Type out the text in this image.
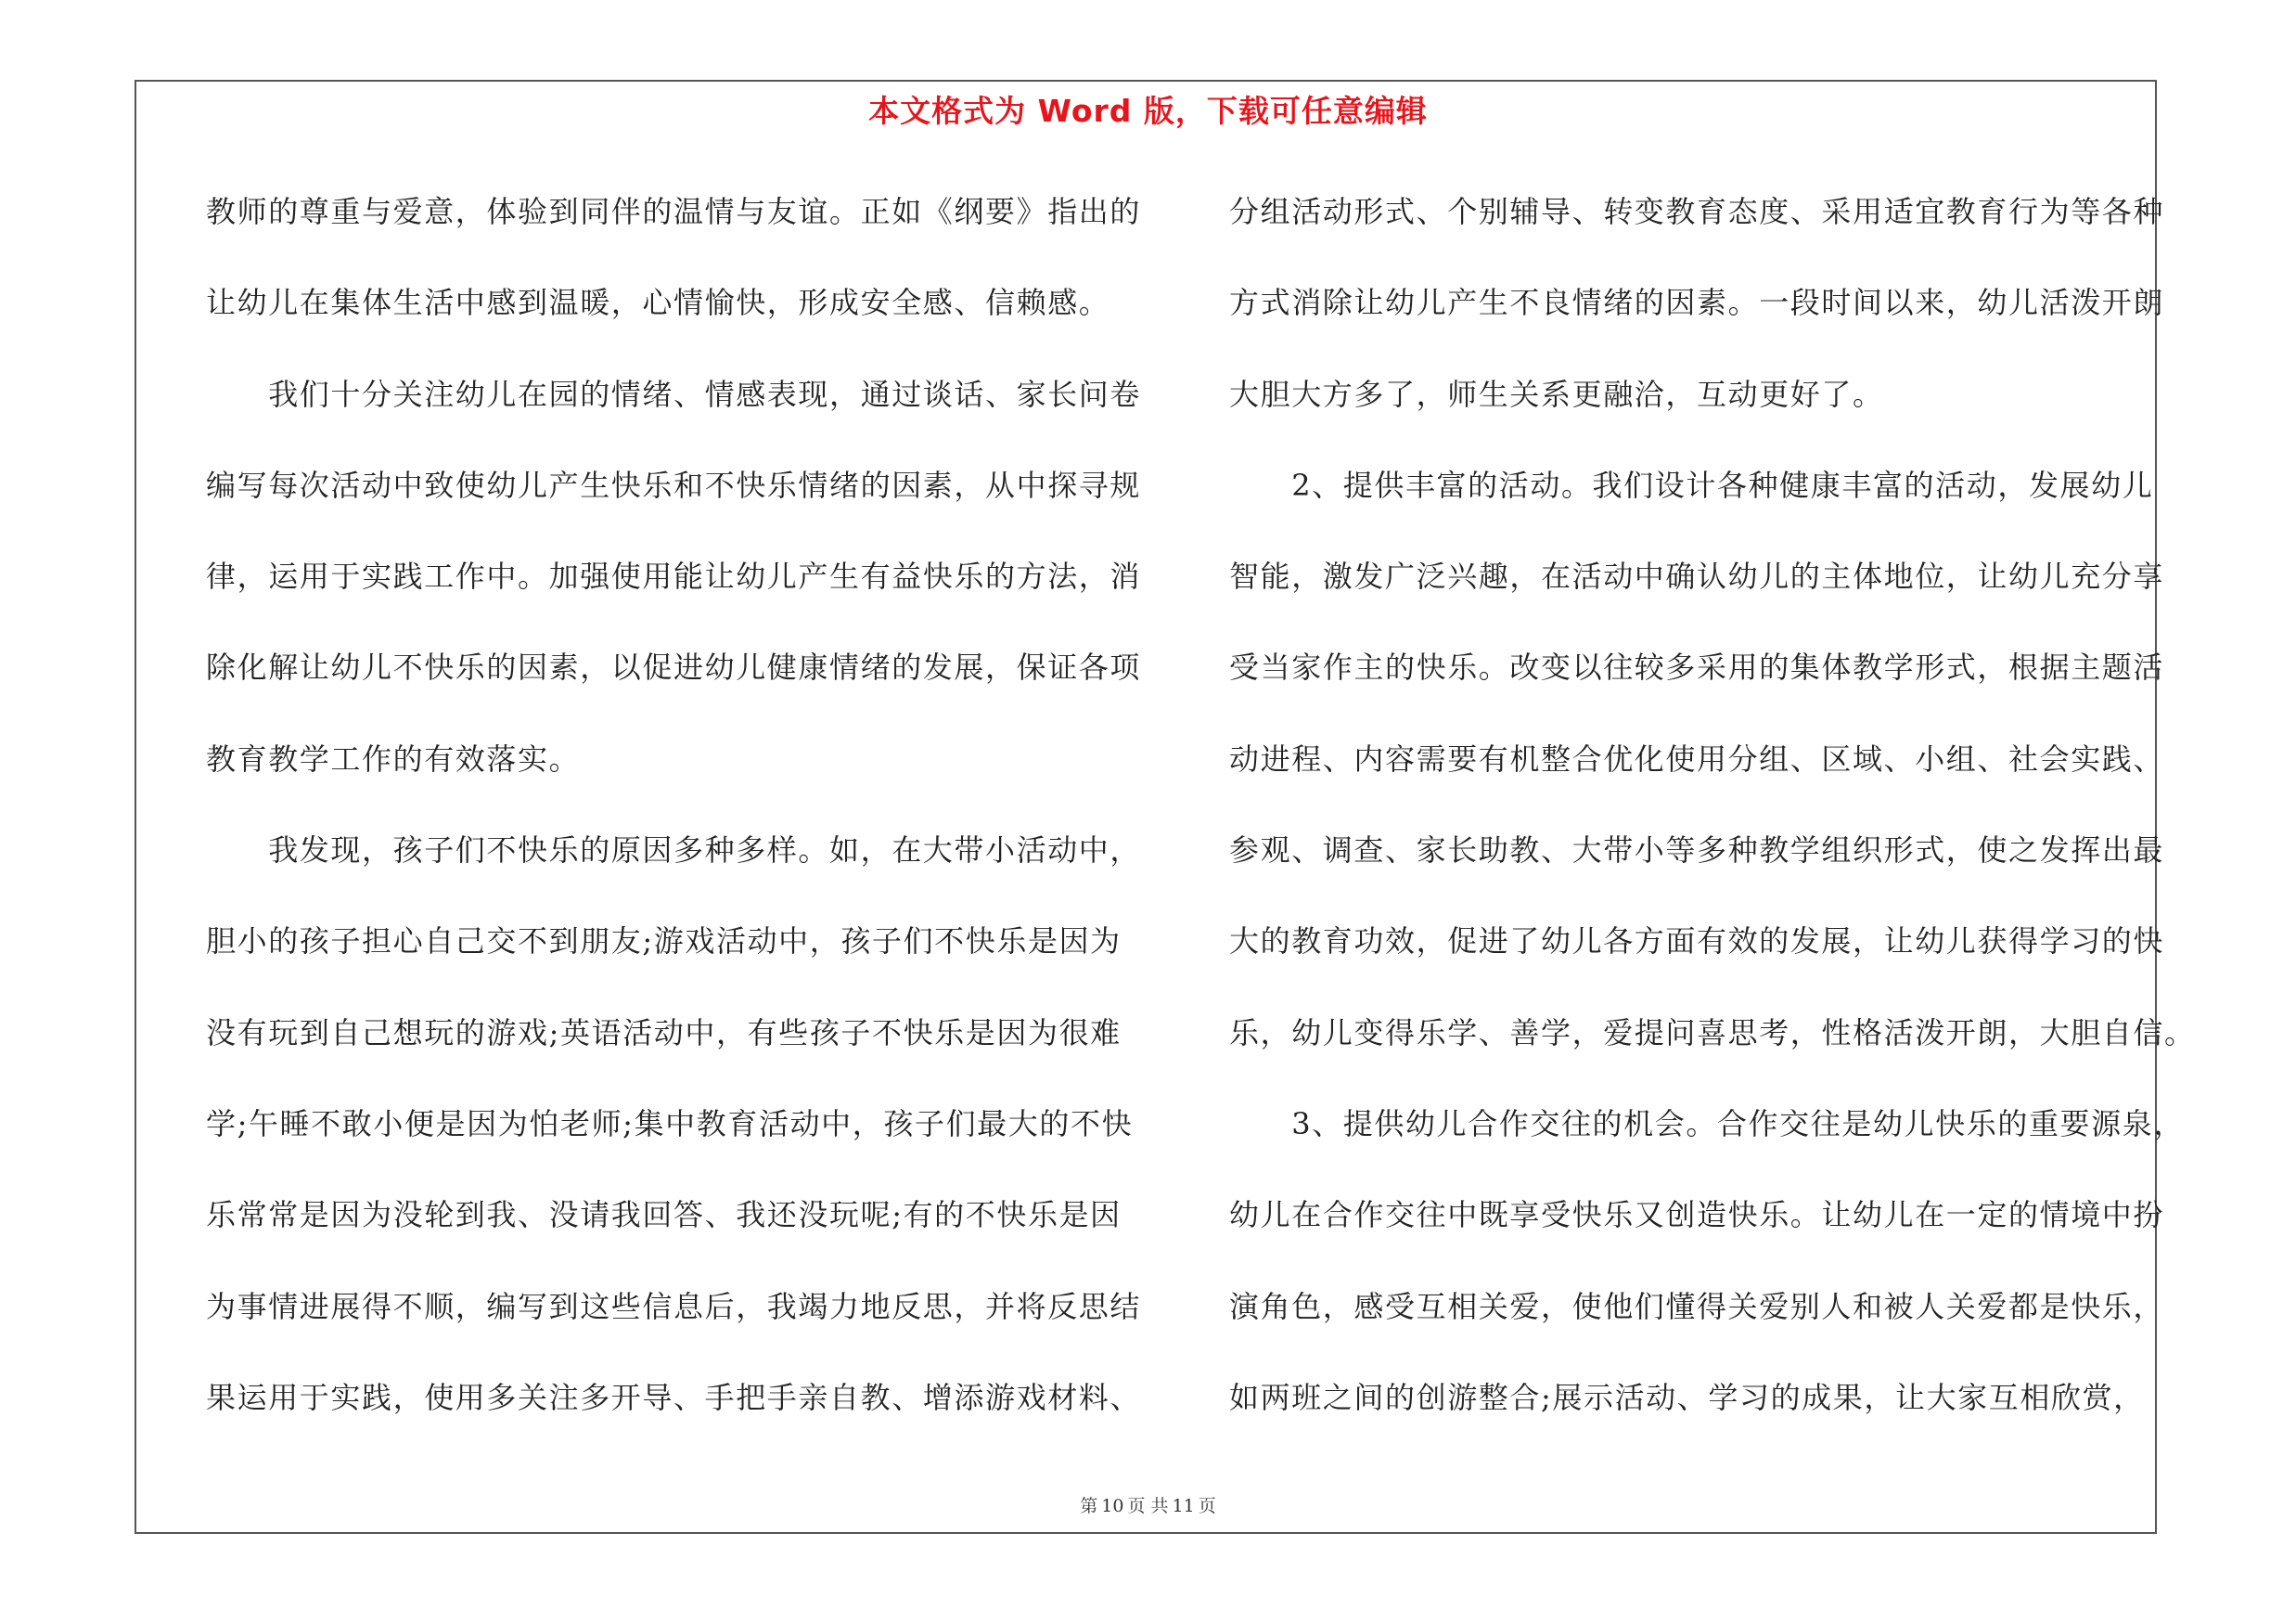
本文格式为 Word 版，下载可任意编辑
教师的尊重与爱意，体验到同伴的温情与友谊。正如《纲要》指出的
让幼儿在集体生活中感到温暖，心情愉快，形成安全感、信赖感。
　　我们十分关注幼儿在园的情绪、情感表现，通过谈话、家长问卷
编写每次活动中致使幼儿产生快乐和不快乐情绪的因素，从中探寻规
律，运用于实践工作中。加强使用能让幼儿产生有益快乐的方法，消
除化解让幼儿不快乐的因素，以促进幼儿健康情绪的发展，保证各项
教育教学工作的有效落实。
　　我发现，孩子们不快乐的原因多种多样。如，在大带小活动中，
胆小的孩子担心自己交不到朋友;游戏活动中，孩子们不快乐是因为
没有玩到自己想玩的游戏;英语活动中，有些孩子不快乐是因为很难
学;午睡不敢小便是因为怕老师;集中教育活动中，孩子们最大的不快
乐常常是因为没轮到我、没请我回答、我还没玩呢;有的不快乐是因
为事情进展得不顺，编写到这些信息后，我竭力地反思，并将反思结
果运用于实践，使用多关注多开导、手把手亲自教、增添游戏材料、
分组活动形式、个别辅导、转变教育态度、采用适宜教育行为等各种
方式消除让幼儿产生不良情绪的因素。一段时间以来，幼儿活泼开朗
大胆大方多了，师生关系更融洽，互动更好了。
　　2、提供丰富的活动。我们设计各种健康丰富的活动，发展幼儿
智能，激发广泛兴趣，在活动中确认幼儿的主体地位，让幼儿充分享
受当家作主的快乐。改变以往较多采用的集体教学形式，根据主题活
动进程、内容需要有机整合优化使用分组、区域、小组、社会实践、
参观、调查、家长助教、大带小等多种教学组织形式，使之发挥出最
大的教育功效，促进了幼儿各方面有效的发展，让幼儿获得学习的快
乐，幼儿变得乐学、善学，爱提问喜思考，性格活泼开朗，大胆自信。
　　3、提供幼儿合作交往的机会。合作交往是幼儿快乐的重要源泉，
幼儿在合作交往中既享受快乐又创造快乐。让幼儿在一定的情境中扮
演角色，感受互相关爱，使他们懂得关爱别人和被人关爱都是快乐，
如两班之间的创游整合;展示活动、学习的成果，让大家互相欣赏，
第 10 页 共 11 页
